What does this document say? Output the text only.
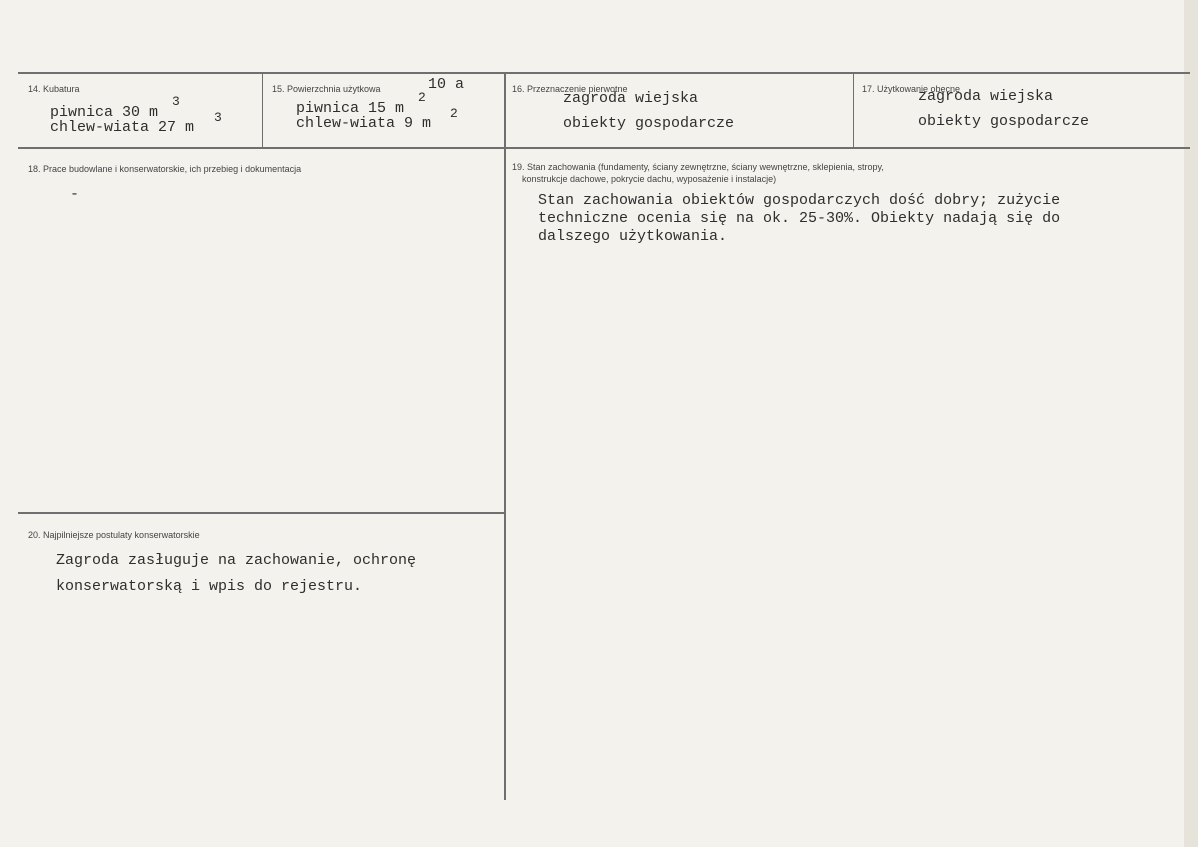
14. Kubatura
piwnica 30 m
3
chlew-wiata 27 m
3
15. Powierzchnia użytkowa	10 a
piwnica 15 m
2
chlew-wiata 9 m
2
16. Przeznaczenie pierwotne
zagroda wiejska
obiekty gospodarcze
17. Użytkowanie obecne
zagroda wiejska
obiekty gospodarcze
18. Prace budowlane i konserwatorskie, ich przebieg i dokumentacja
-
19. Stan zachowania (fundamenty, ściany zewnętrzne, ściany wewnętrzne, sklepienia, stropy,
konstrukcje dachowe, pokrycie dachu, wyposażenie i instalacje)
Stan zachowania obiektów gospodarczych dość dobry; zużycie
techniczne ocenia się na ok. 25-30%. Obiekty nadają się do
dalszego użytkowania.
20. Najpilniejsze postulaty konserwatorskie
Zagroda zasługuje na zachowanie, ochronę
konserwatorską i wpis do rejestru.
